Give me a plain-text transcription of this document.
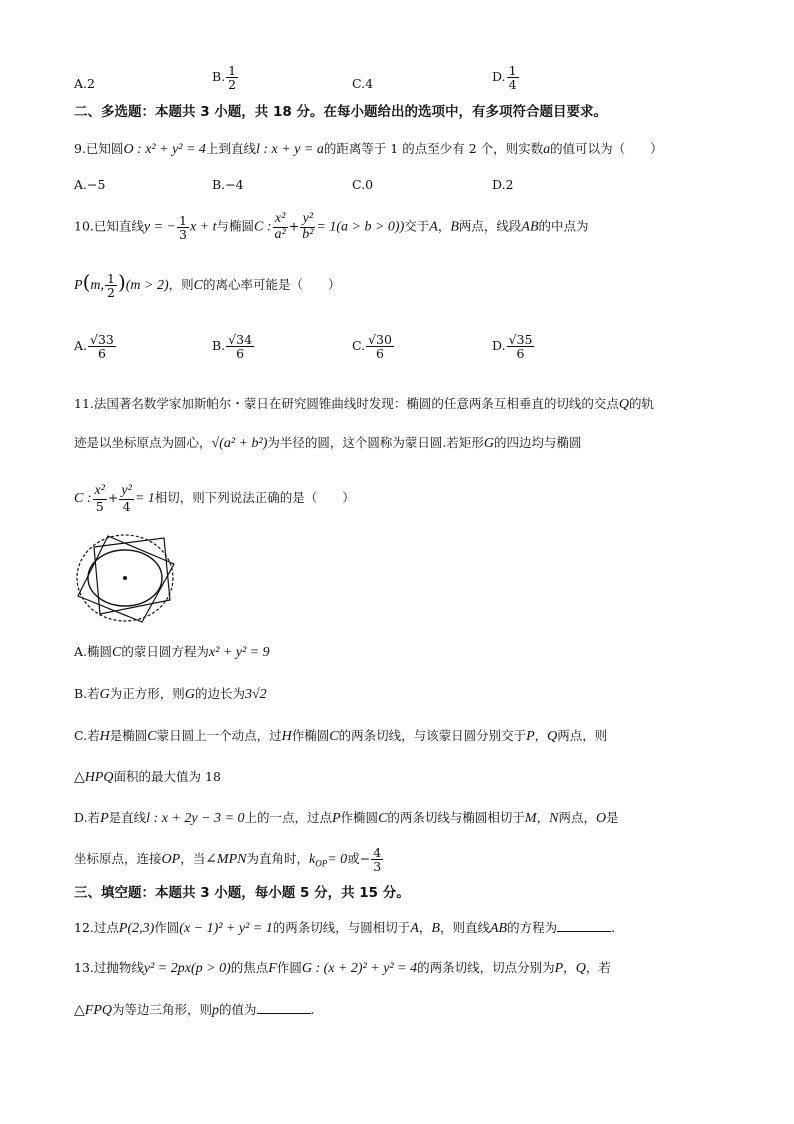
A.2	B. $\frac{1}{2}$	C.4	D. $\frac{1}{4}$
二、多选题：本题共 3 小题，共 18 分。在每小题给出的选项中，有多项符合题目要求。
9.已知圆O : x² + y² = 4上到直线l : x + y = a的距离等于 1 的点至少有 2 个，则实数a的值可以为（　　）
A.−5	B.−4	C.0	D.2
10.已知直线y = − $\frac{1}{3}$ x + t与椭圆C : $\frac{\text{x²}}{\text{a²}} + \frac{\text{y²}}{\text{b²}} = 1(a > b > 0)$)交于A，B两点，线段AB的中点为
P(m, $\frac{1}{2} )(m > 2)$，则C的离心率可能是（　　）
A. $\frac{√33}{6}$	B. $\frac{√34}{6}$	C. $\frac{√30}{6}$	D. $\frac{√35}{6}$
11.法国著名数学家加斯帕尔・蒙日在研究圆锥曲线时发现：椭圆的任意两条互相垂直的切线的交点Q的轨
迹是以坐标原点为圆心，√(a² + b²)为半径的圆，这个圆称为蒙日圆.若矩形G的四边均与椭圆
C : $\frac{\text{x²}}{5} + \frac{\text{y²}}{4} = 1$相切，则下列说法正确的是（　　）
A.椭圆C的蒙日圆方程为x² + y² = 9
B.若G为正方形，则G的边长为3√2
C.若H是椭圆C蒙日圆上一个动点，过H作椭圆C的两条切线，与该蒙日圆分别交于P，Q两点，则
△HPQ面积的最大值为 18
D.若P是直线l : x + 2y − 3 = 0上的一点，过点P作椭圆C的两条切线与椭圆相切于M，N两点，O是
坐标原点，连接OP，当∠MPN为直角时，$k_{OP}= 0$或− $\frac{4}{3}$
三、填空题：本题共 3 小题，每小题 5 分，共 15 分。
12.过点P(2,3)作圆(x − 1)² + y² = 1的两条切线，与圆相切于A，B，则直线AB的方程为	.
13.过抛物线y² = 2px(p > 0)的焦点F作圆G : (x + 2)² + y² = 4的两条切线，切点分别为P，Q，若
△FPQ为等边三角形，则p的值为	.
